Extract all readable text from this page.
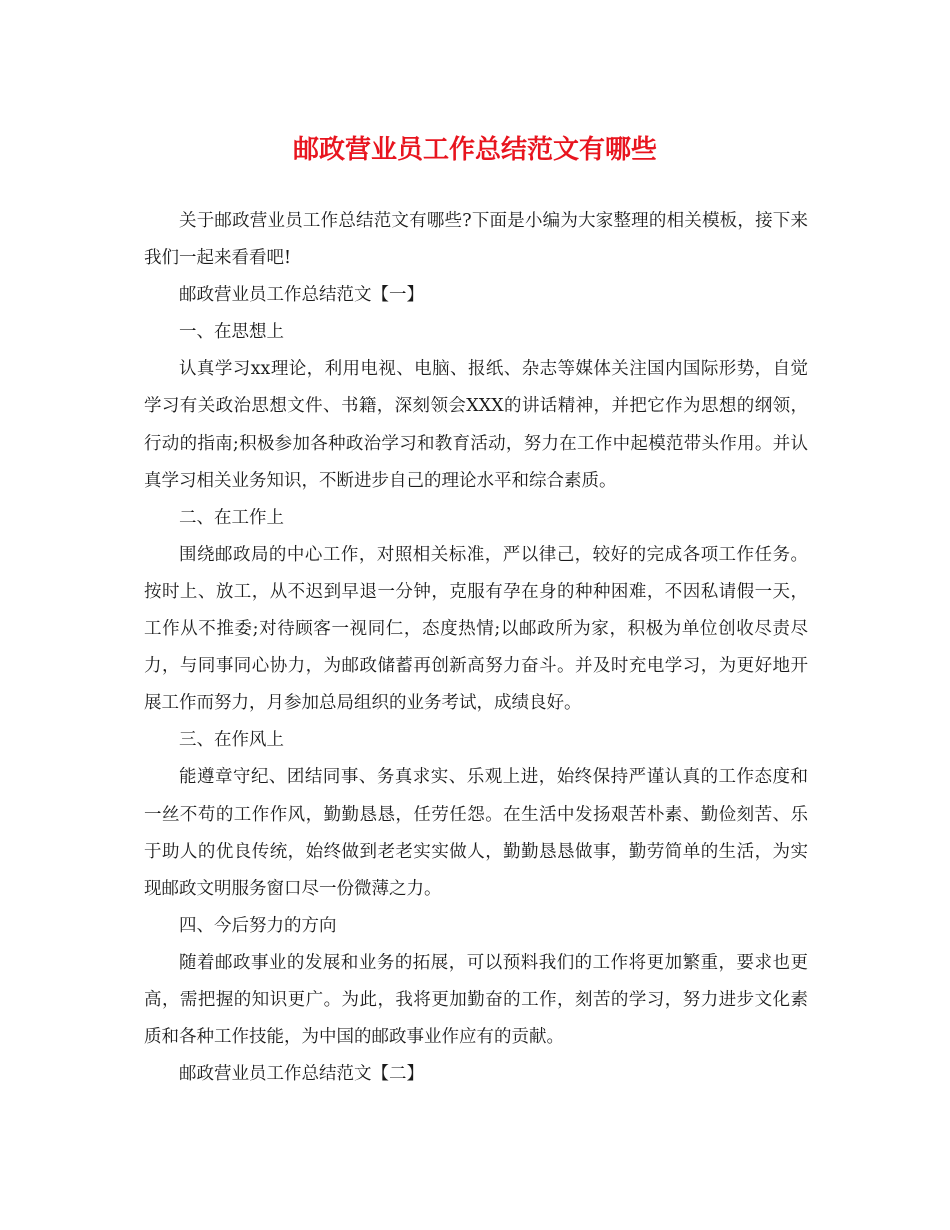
邮政营业员工作总结范文有哪些

关于邮政营业员工作总结范文有哪些?下面是小编为大家整理的相关模板，接下来我们一起来看看吧!

邮政营业员工作总结范文【一】

一、在思想上

认真学习xx理论，利用电视、电脑、报纸、杂志等媒体关注国内国际形势，自觉学习有关政治思想文件、书籍，深刻领会XXX的讲话精神，并把它作为思想的纲领，行动的指南;积极参加各种政治学习和教育活动，努力在工作中起模范带头作用。并认真学习相关业务知识，不断进步自己的理论水平和综合素质。

二、在工作上

围绕邮政局的中心工作，对照相关标准，严以律己，较好的完成各项工作任务。按时上、放工，从不迟到早退一分钟，克服有孕在身的种种困难，不因私请假一天，工作从不推委;对待顾客一视同仁，态度热情;以邮政所为家，积极为单位创收尽责尽力，与同事同心协力，为邮政储蓄再创新高努力奋斗。并及时充电学习，为更好地开展工作而努力，月参加总局组织的业务考试，成绩良好。

三、在作风上

能遵章守纪、团结同事、务真求实、乐观上进，始终保持严谨认真的工作态度和一丝不苟的工作作风，勤勤恳恳，任劳任怨。在生活中发扬艰苦朴素、勤俭刻苦、乐于助人的优良传统，始终做到老老实实做人，勤勤恳恳做事，勤劳简单的生活，为实现邮政文明服务窗口尽一份微薄之力。

四、今后努力的方向

随着邮政事业的发展和业务的拓展，可以预料我们的工作将更加繁重，要求也更高，需把握的知识更广。为此，我将更加勤奋的工作，刻苦的学习，努力进步文化素质和各种工作技能，为中国的邮政事业作应有的贡献。

邮政营业员工作总结范文【二】
